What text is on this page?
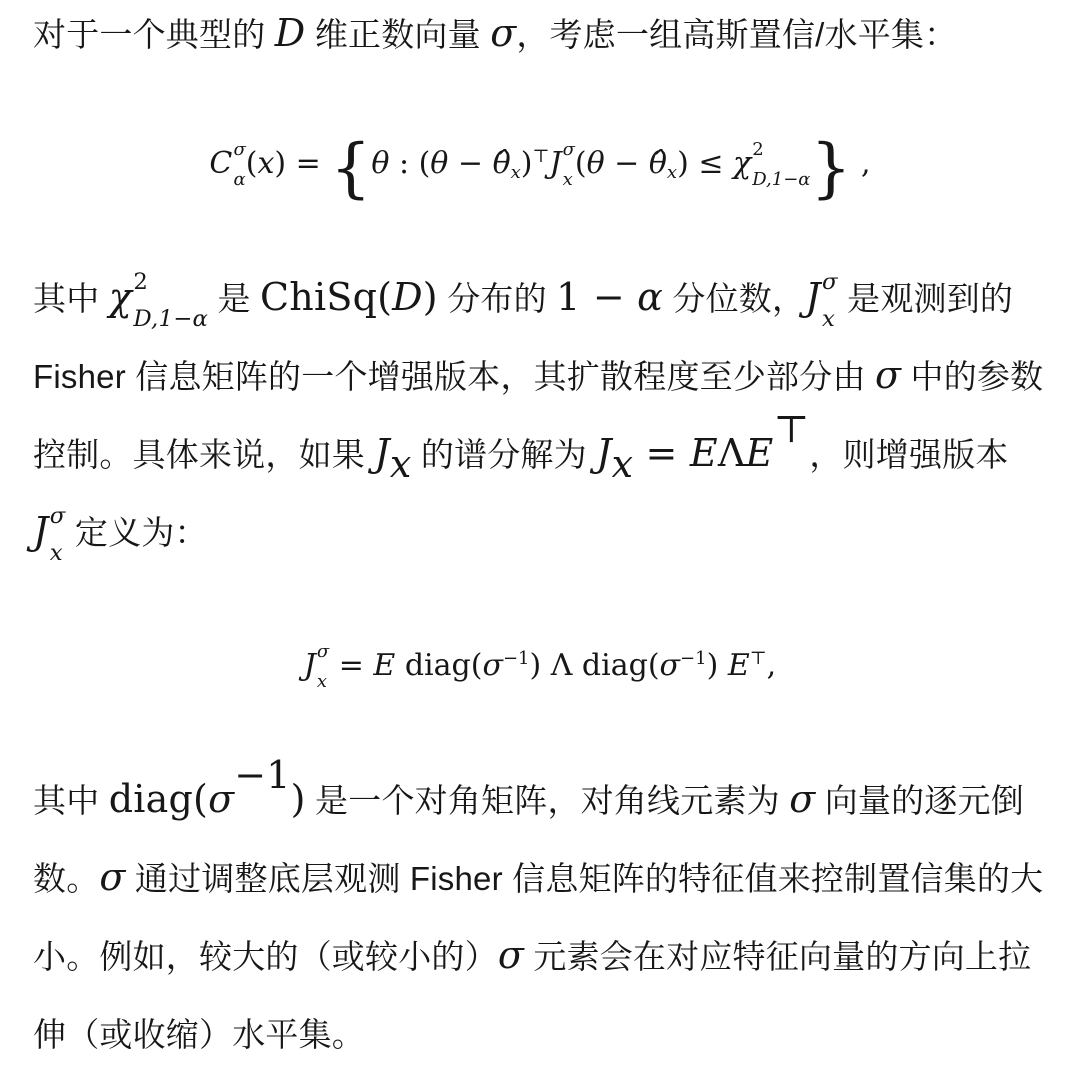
对于一个典型的 D 维正数向量 σ，考虑一组高斯置信/水平集：

C σ
α (x) = {θ : (θ − θ̂x)⊤J σ
x (θ − θ̂x) ≤ χ 2
D,1−α } ,

其中 χ 2
D,1−α
是 ChiSq(D) 分布的 1 − α 分位数，J σ
x
是观测到的 Fisher 信息矩阵的一个增强版本，其扩散程度至少部分由 σ 中的参数控制。具体来说，如果 Jx 的谱分解为 Jx = EΛE⊤，则增强版本 J σ
x
定义为：

J σ
x = E $diag(\sigma^{-1})$ Λ $diag(\sigma^{-1})$ E⊤,

其中 diag(σ−1) 是一个对角矩阵，对角线元素为 σ 向量的逐元倒数。σ 通过调整底层观测 Fisher 信息矩阵的特征值来控制置信集的大小。例如，较大的（或较小的）σ 元素会在对应特征向量的方向上拉伸（或收缩）水平集。
